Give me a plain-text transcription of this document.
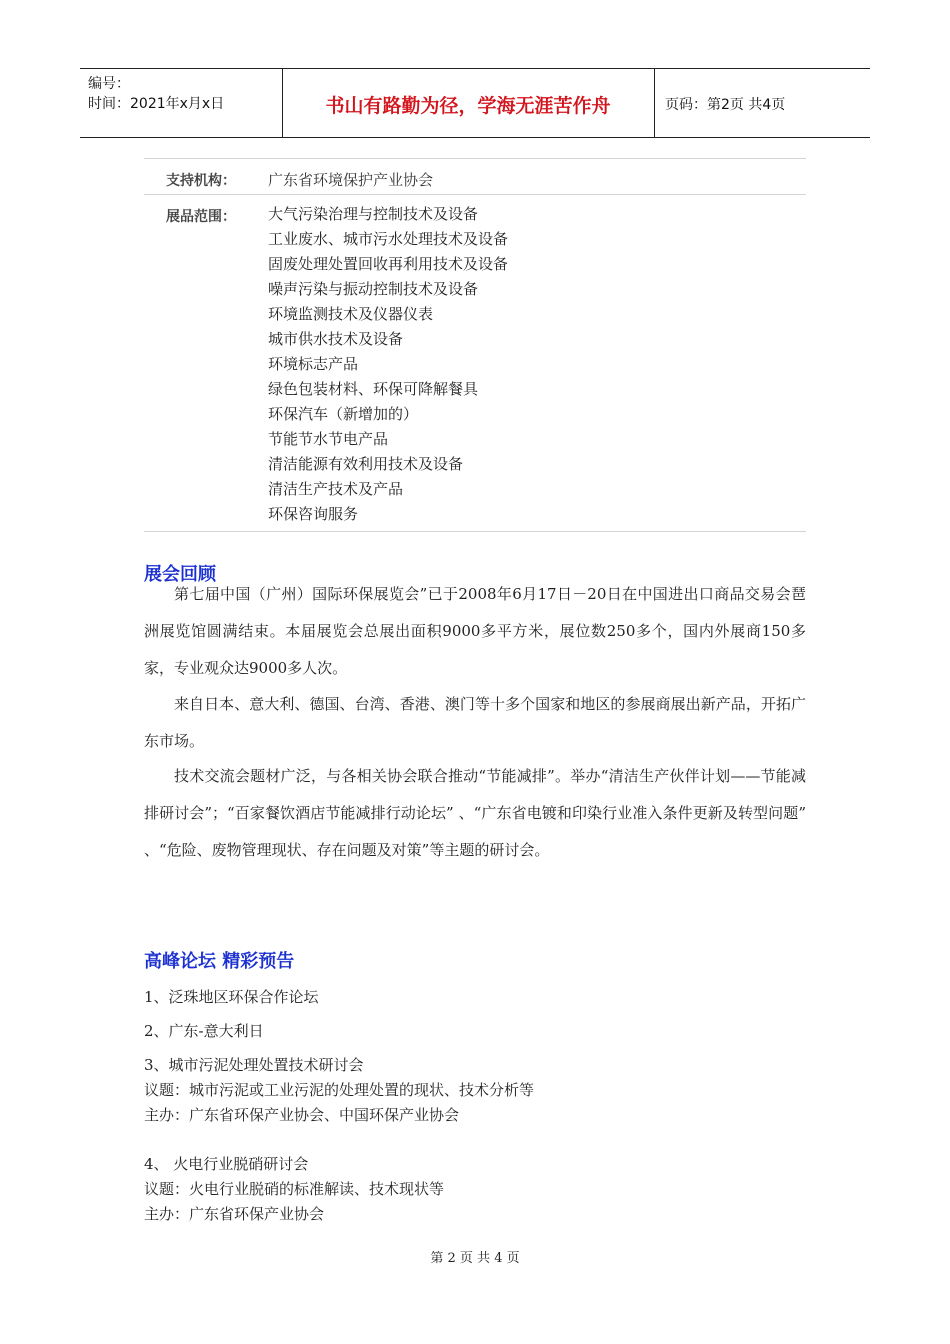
编号：
时间：2021年x月x日	书山有路勤为径，学海无涯苦作舟	页码：第2页 共4页
支持机构： 广东省环境保护产业协会
展品范围： 大气污染治理与控制技术及设备
工业废水、城市污水处理技术及设备
固废处理处置回收再利用技术及设备
噪声污染与振动控制技术及设备
环境监测技术及仪器仪表
城市供水技术及设备
环境标志产品
绿色包装材料、环保可降解餐具
环保汽车（新增加的）
节能节水节电产品
清洁能源有效利用技术及设备
清洁生产技术及产品
环保咨询服务
展会回顾

第七届中国（广州）国际环保展览会”已于2008年6月17日－20日在中国进出口商品交易会琶洲展览馆圆满结束。本届展览会总展出面积9000多平方米，展位数250多个，国内外展商150多家，专业观众达9000多人次。

来自日本、意大利、德国、台湾、香港、澳门等十多个国家和地区的参展商展出新产品，开拓广东市场。

技术交流会题材广泛，与各相关协会联合推动“节能减排”。举办“清洁生产伙伴计划——节能减排研讨会”；“百家餐饮酒店节能减排行动论坛” 、“广东省电镀和印染行业准入条件更新及转型问题” 、“危险、废物管理现状、存在问题及对策”等主题的研讨会。

高峰论坛 精彩预告
1、泛珠地区环保合作论坛
2、广东-意大利日
3、城市污泥处理处置技术研讨会
议题：城市污泥或工业污泥的处理处置的现状、技术分析等
主办：广东省环保产业协会、中国环保产业协会
4、 火电行业脱硝研讨会
议题：火电行业脱硝的标准解读、技术现状等
主办：广东省环保产业协会
第 2 页 共 4 页
